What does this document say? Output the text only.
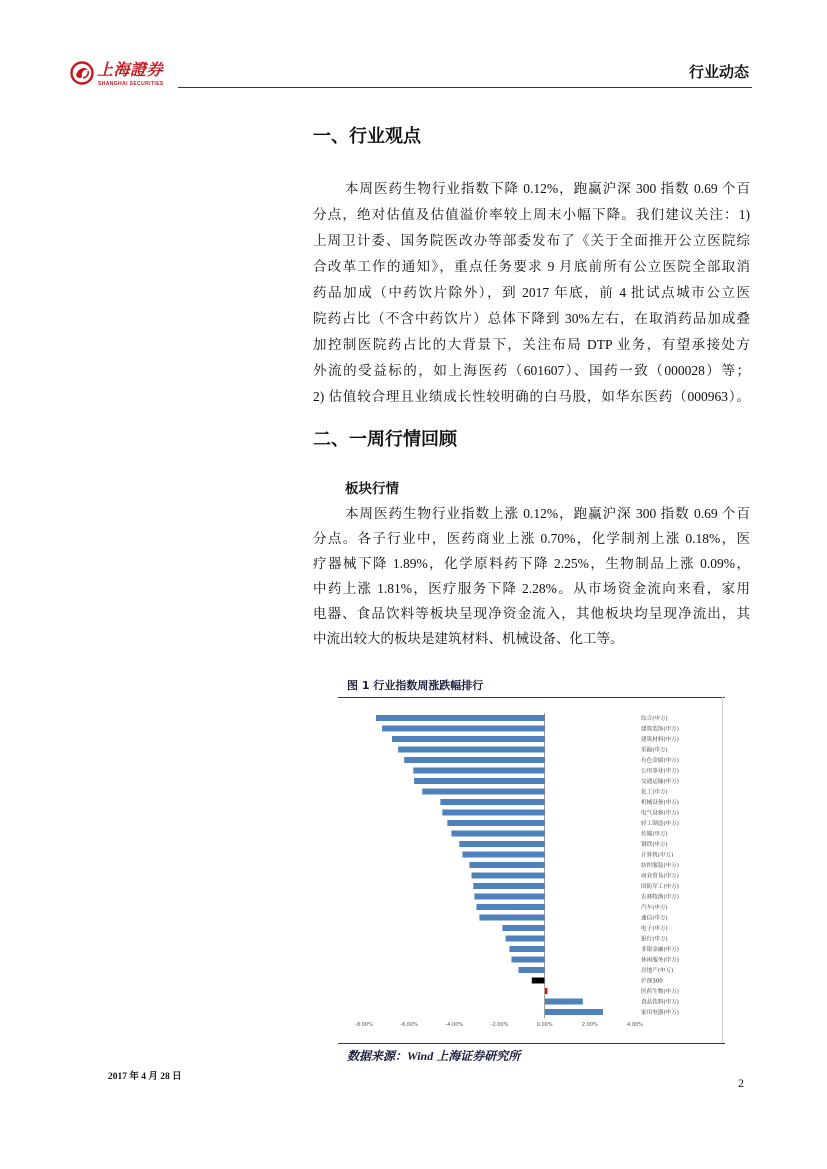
上海證券
SHANGHAI SECURITIES
行业动态
一、行业观点
本周医药生物行业指数下降 0.12%，跑赢沪深 300 指数 0.69 个百
分点，绝对估值及估值溢价率较上周末小幅下降。我们建议关注：1)
上周卫计委、国务院医改办等部委发布了《关于全面推开公立医院综
合改革工作的通知》，重点任务要求 9 月底前所有公立医院全部取消
药品加成（中药饮片除外），到 2017 年底，前 4 批试点城市公立医
院药占比（不含中药饮片）总体下降到 30%左右，在取消药品加成叠
加控制医院药占比的大背景下，关注布局 DTP 业务，有望承接处方
外流的受益标的，如上海医药（601607）、国药一致（000028）等；
2) 估值较合理且业绩成长性较明确的白马股，如华东医药（000963）。
二、一周行情回顾
板块行情
本周医药生物行业指数上涨 0.12%，跑赢沪深 300 指数 0.69 个百
分点。各子行业中，医药商业上涨 0.70%，化学制剂上涨 0.18%，医
疗器械下降 1.89%，化学原料药下降 2.25%，生物制品上涨 0.09%，
中药上涨 1.81%，医疗服务下降 2.28%。从市场资金流向来看，家用
电器、食品饮料等板块呈现净资金流入，其他板块均呈现净流出，其
中流出较大的板块是建筑材料、机械设备、化工等。
图 1 行业指数周涨跌幅排行
综合(申万)
建筑装饰(申万)
建筑材料(申万)
采掘(申万)
有色金属(申万)
公用事业(申万)
交通运输(申万)
化工(申万)
机械设备(申万)
电气设备(申万)
轻工制造(申万)
传媒(申万)
钢铁(申万)
计算机(申万)
纺织服装(申万)
商业贸易(申万)
国防军工(申万)
农林牧渔(申万)
汽车(申万)
通信(申万)
电子(申万)
银行(申万)
非银金融(申万)
休闲服务(申万)
房地产(申万)
沪深300
医药生物(申万)
食品饮料(申万)
家用电器(申万)
-8.00%	-6.00%	-4.00%	-2.00%	0.00%	2.00%	4.00%
数据来源：Wind 上海证券研究所
2017 年 4 月 28 日	2
